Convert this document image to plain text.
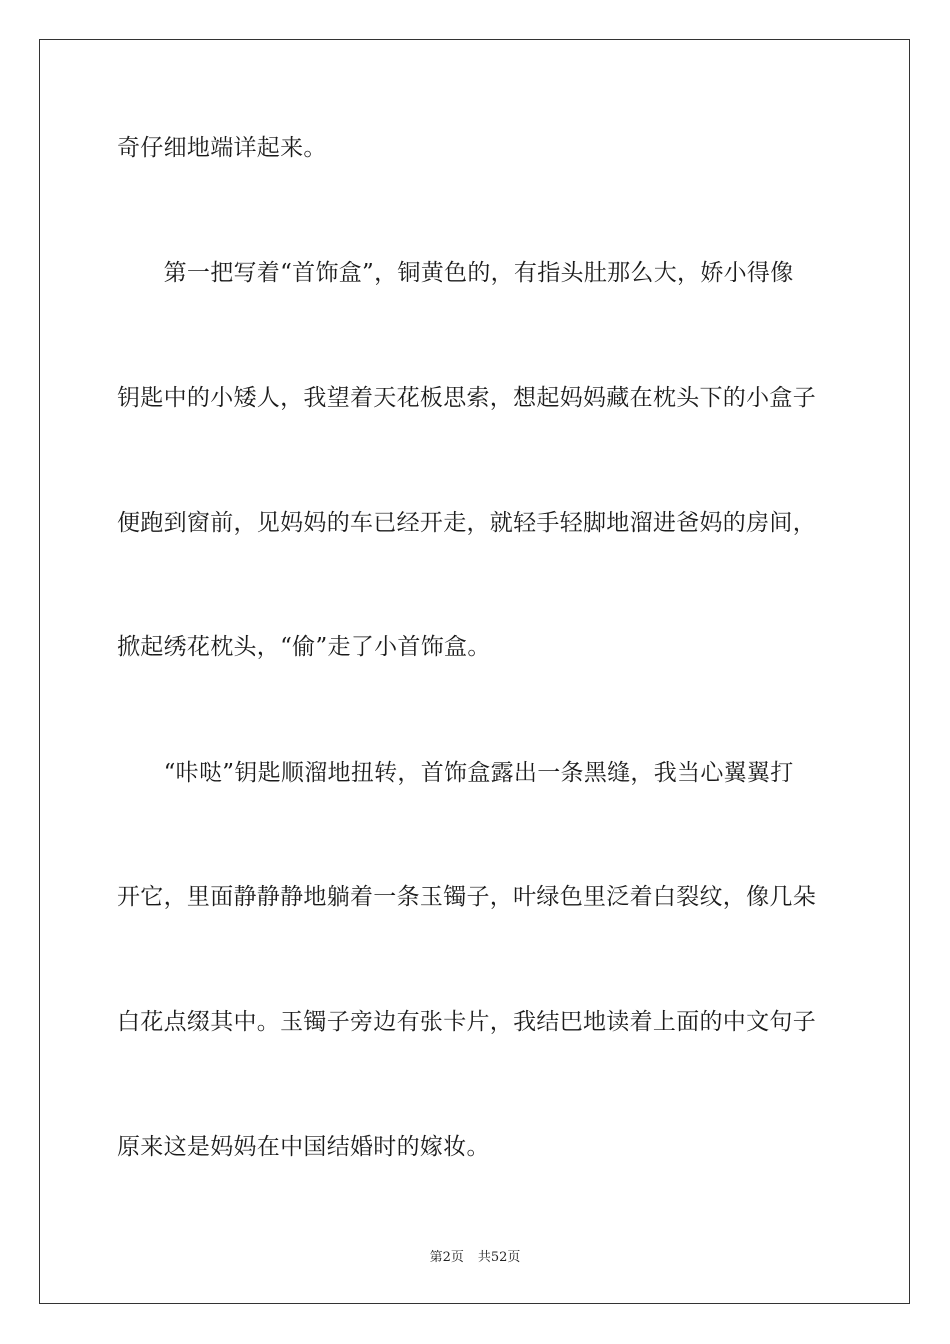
奇仔细地端详起来。
　　第一把写着“首饰盒”，铜黄色的，有指头肚那么大，娇小得像
钥匙中的小矮人，我望着天花板思索，想起妈妈藏在枕头下的小盒子
便跑到窗前，见妈妈的车已经开走，就轻手轻脚地溜进爸妈的房间，
掀起绣花枕头，“偷”走了小首饰盒。
　　“咔哒”钥匙顺溜地扭转，首饰盒露出一条黑缝，我当心翼翼打
开它，里面静静静地躺着一条玉镯子，叶绿色里泛着白裂纹，像几朵
白花点缀其中。玉镯子旁边有张卡片，我结巴地读着上面的中文句子
原来这是妈妈在中国结婚时的嫁妆。
第2页 共52页
